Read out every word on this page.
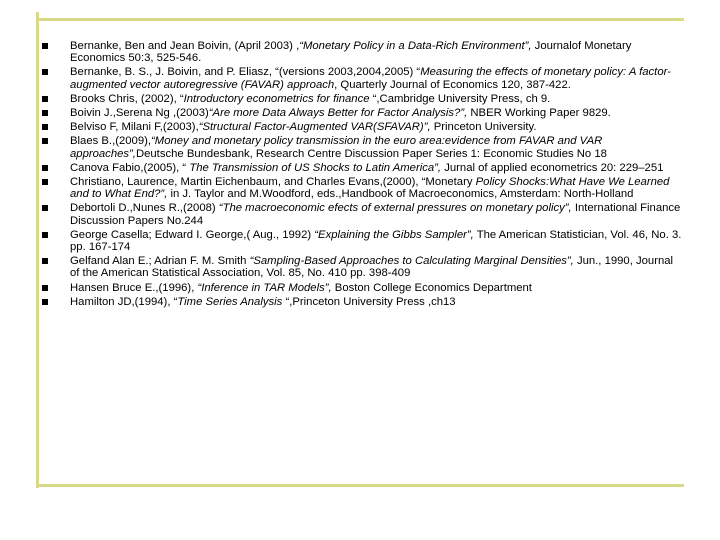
Bernanke, Ben and Jean Boivin, (April 2003) ,“Monetary Policy in a Data-Rich Environment”, Journalof Monetary Economics 50:3, 525-546.
Bernanke, B. S., J. Boivin, and P. Eliasz, “(versions 2003,2004,2005) “Measuring the effects of monetary policy: A factor-augmented vector autoregressive (FAVAR) approach, Quarterly Journal of Economics 120, 387-422.
Brooks Chris, (2002), “Introductory econometrics for finance “,Cambridge University Press, ch 9.
Boivin J.,Serena Ng ,(2003)“Are more Data Always Better for Factor Analysis?”, NBER Working Paper 9829.
Belviso F, Milani F,(2003),“Structural Factor-Augmented VAR(SFAVAR)”, Princeton University.
Blaes B.,(2009),“Money and monetary policy transmission in the euro area:evidence from FAVAR and VAR approaches”,Deutsche Bundesbank, Research Centre Discussion Paper Series 1: Economic Studies No 18
Canova Fabio,(2005), “ The Transmission of US Shocks to Latin America”, Jurnal of applied econometrics 20: 229–251
Christiano, Laurence, Martin Eichenbaum, and Charles Evans,(2000), “Monetary Policy Shocks:What Have We Learned and to What End?”, in J. Taylor and M.Woodford, eds.,Handbook of Macroeconomics, Amsterdam: North-Holland
Debortoli D.,Nunes R.,(2008) “The macroeconomic efects of external pressures on monetary policy”, International Finance Discussion Papers No.244
George Casella; Edward I. George,( Aug., 1992) “Explaining the Gibbs Sampler”, The American Statistician, Vol. 46, No. 3. pp. 167-174
Gelfand Alan E.; Adrian F. M. Smith “Sampling-Based Approaches to Calculating Marginal Densities”, Jun., 1990, Journal of the American Statistical Association, Vol. 85, No. 410 pp. 398-409
Hansen Bruce E.,(1996), “Inference in TAR Models”, Boston College Economics Department
Hamilton JD,(1994), “Time Series Analysis “,Princeton University Press ,ch13
